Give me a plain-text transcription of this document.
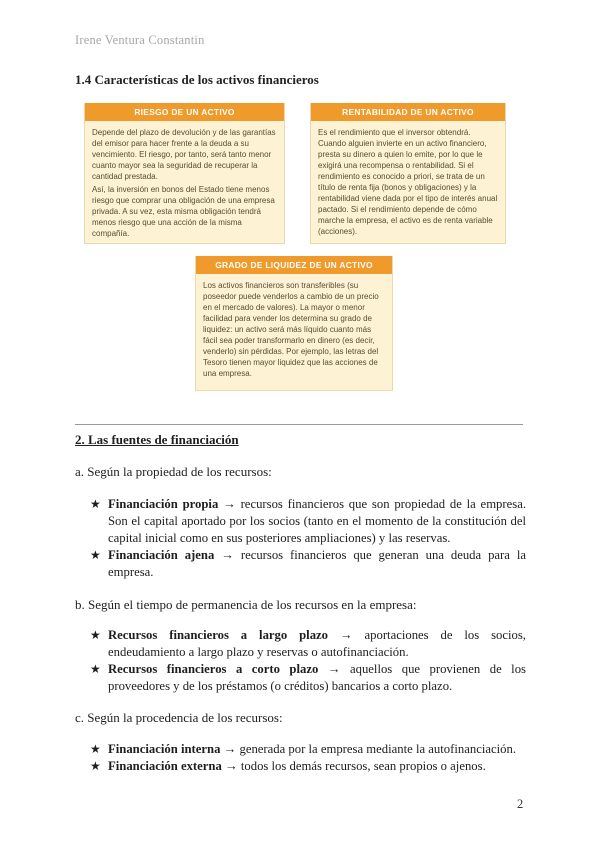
Irene Ventura Constantin
1.4 Características de los activos financieros
RIESGO DE UN ACTIVO

Depende del plazo de devolución y de las garantías del emisor para hacer frente a la deuda a su vencimiento. El riesgo, por tanto, será tanto menor cuanto mayor sea la seguridad de recuperar la cantidad prestada.

Así, la inversión en bonos del Estado tiene menos riesgo que comprar una obligación de una empresa privada. A su vez, esta misma obligación tendrá menos riesgo que una acción de la misma compañía.

RENTABILIDAD DE UN ACTIVO

Es el rendimiento que el inversor obtendrá. Cuando alguien invierte en un activo financiero, presta su dinero a quien lo emite, por lo que le exigirá una recompensa o rentabilidad. Si el rendimiento es conocido a priori, se trata de un título de renta fija (bonos y obligaciones) y la rentabilidad viene dada por el tipo de interés anual pactado. Si el rendimiento depende de cómo marche la empresa, el activo es de renta variable (acciones).

GRADO DE LIQUIDEZ DE UN ACTIVO

Los activos financieros son transferibles (su poseedor puede venderlos a cambio de un precio en el mercado de valores). La mayor o menor facilidad para vender los determina su grado de liquidez: un activo será más líquido cuanto más fácil sea poder transformarlo en dinero (es decir, venderlo) sin pérdidas. Por ejemplo, las letras del Tesoro tienen mayor liquidez que las acciones de una empresa.

2. Las fuentes de financiación
a. Según la propiedad de los recursos:
★ Financiación propia → recursos financieros que son propiedad de la empresa. Son el capital aportado por los socios (tanto en el momento de la constitución del capital inicial como en sus posteriores ampliaciones) y las reservas.
★ Financiación ajena → recursos financieros que generan una deuda para la empresa.
b. Según el tiempo de permanencia de los recursos en la empresa:
★ Recursos financieros a largo plazo → aportaciones de los socios, endeudamiento a largo plazo y reservas o autofinanciación.
★ Recursos financieros a corto plazo → aquellos que provienen de los proveedores y de los préstamos (o créditos) bancarios a corto plazo.
c. Según la procedencia de los recursos:
★ Financiación interna → generada por la empresa mediante la autofinanciación.
★ Financiación externa → todos los demás recursos, sean propios o ajenos.
2
